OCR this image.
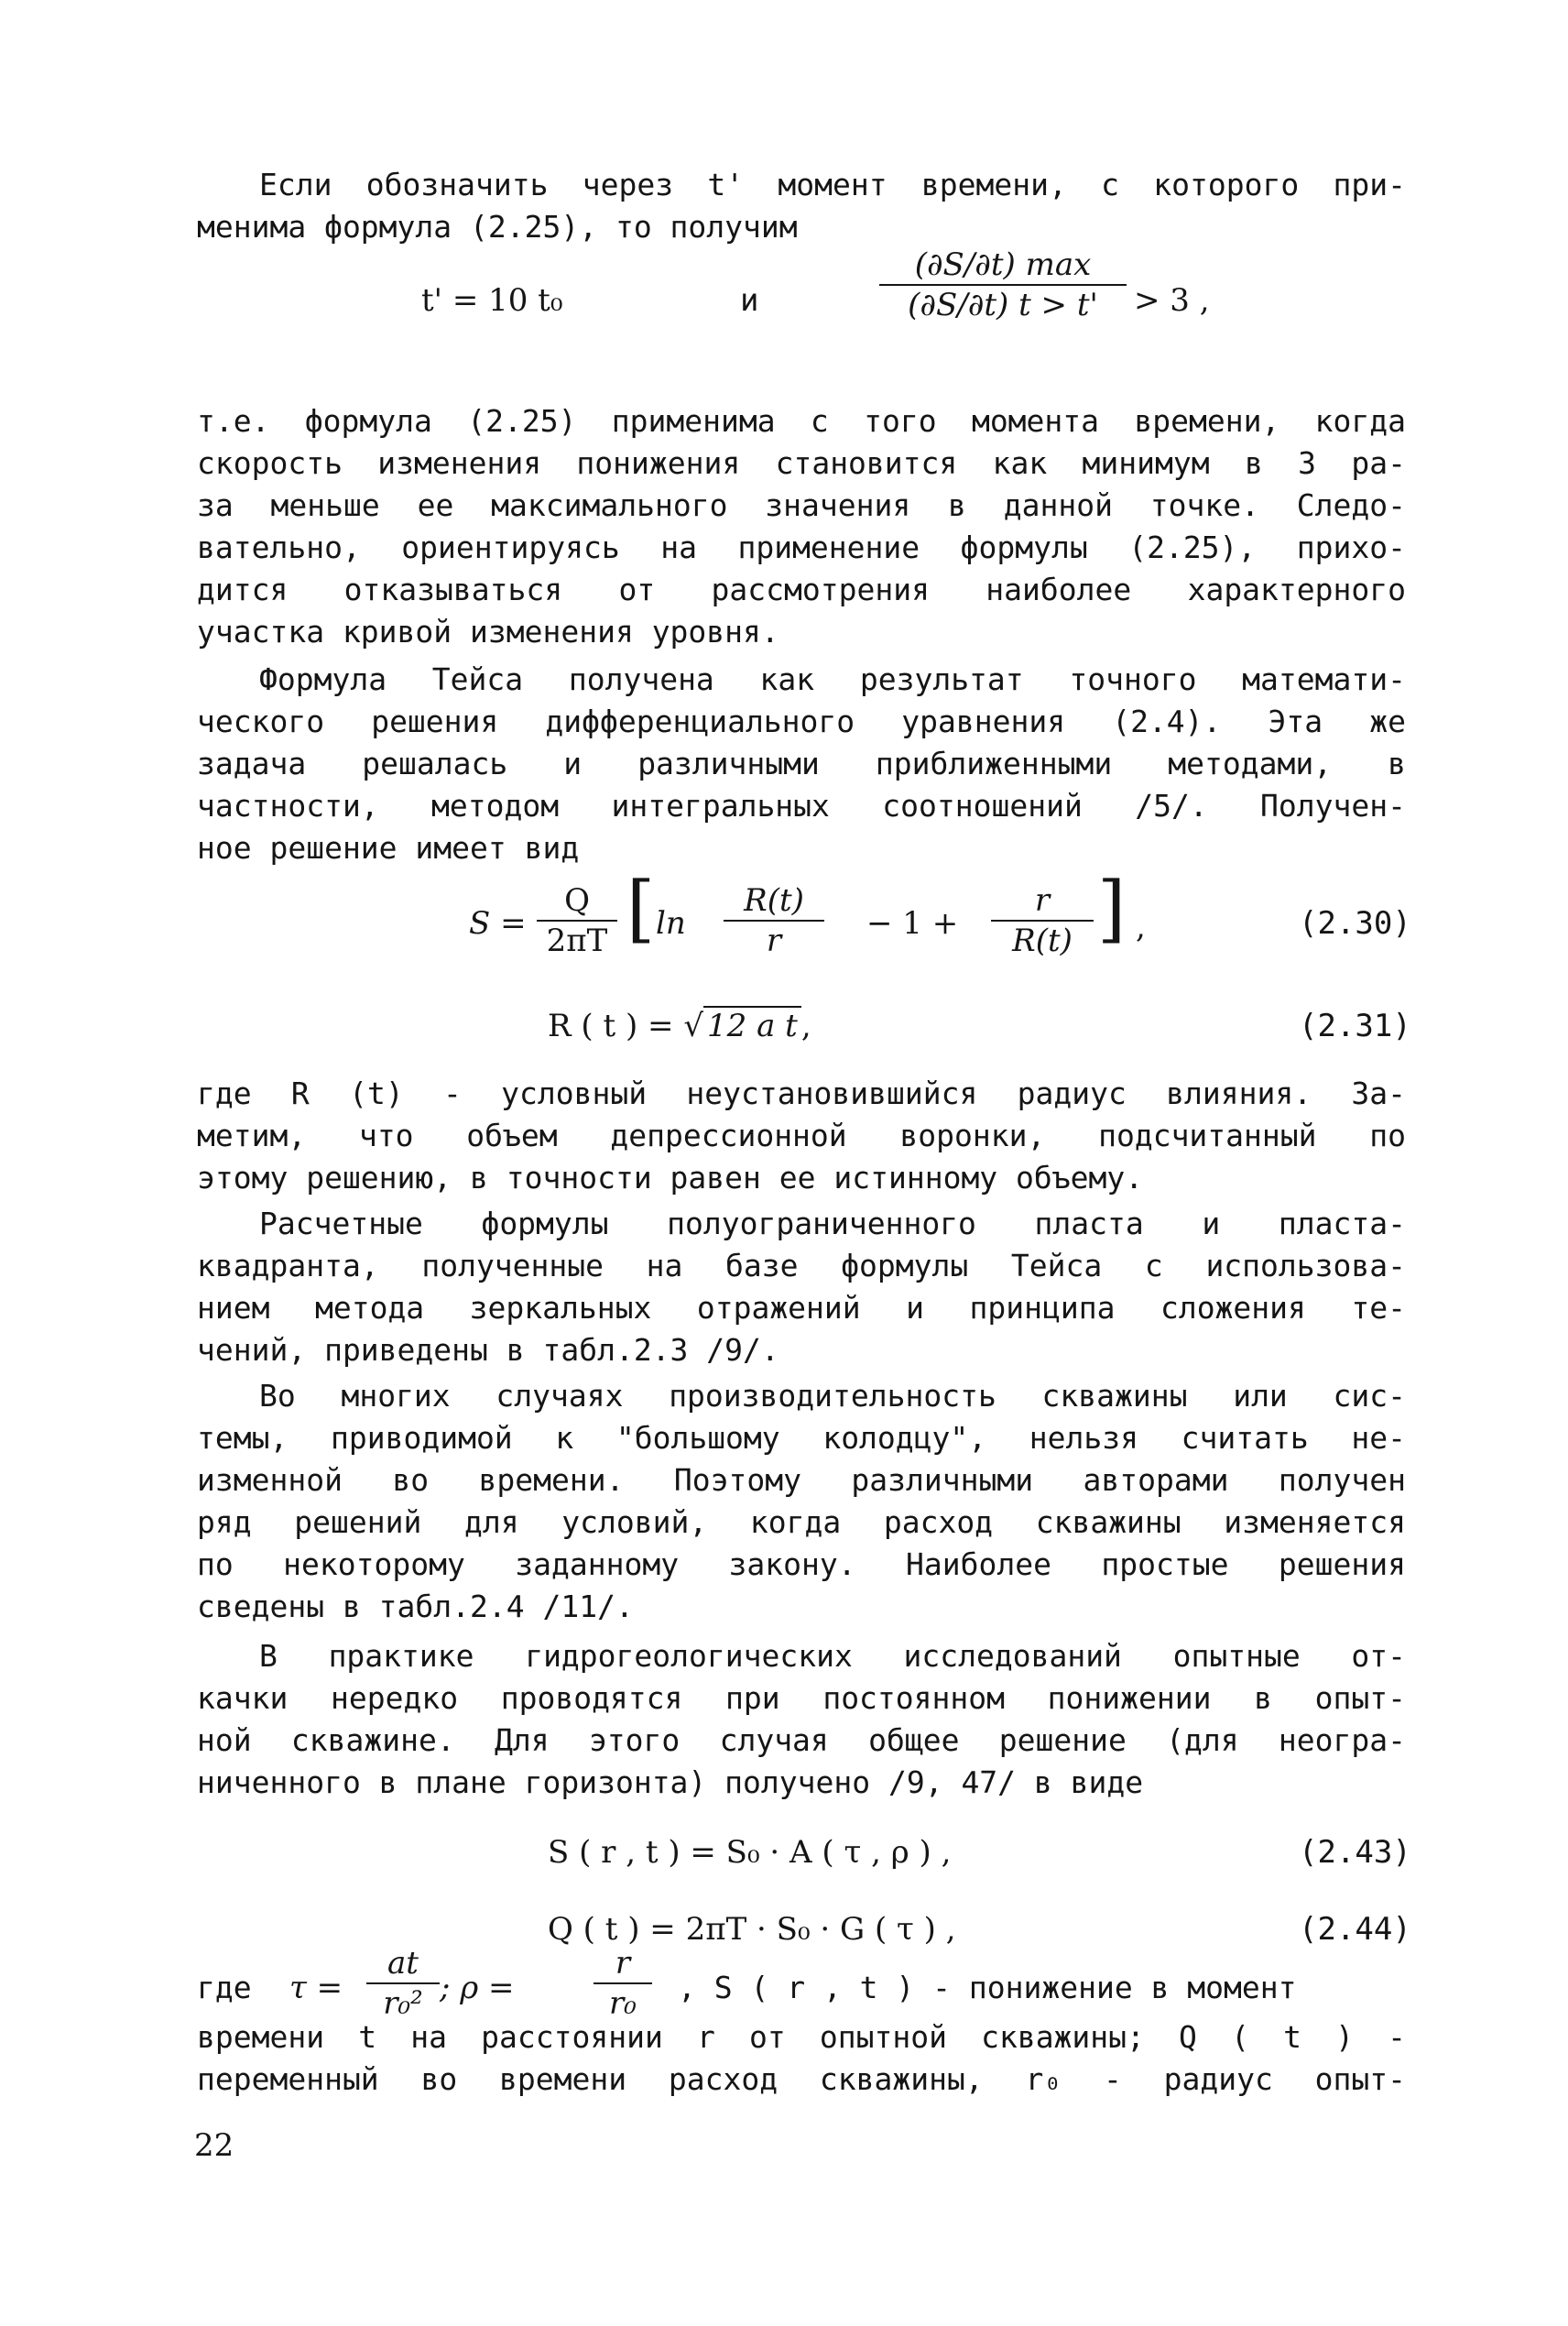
Если обозначить через t' момент времени, с которого при-
менима формула (2.25), то получим
t' = 10 t₀	и
(∂S/∂t) max
(∂S/∂t) t > t'	> 3 ,
т.е. формула (2.25) применима с того момента времени, когда
скорость изменения понижения становится как минимум в 3 ра-
за меньше ее максимального значения в данной точке. Следо-
вательно, ориентируясь на применение формулы (2.25), прихо-
дится отказываться от рассмотрения наиболее характерного
участка кривой изменения уровня.
Формула Тейса получена как результат точного математи-
ческого решения дифференциального уравнения (2.4). Эта же
задача решалась и различными приближенными методами, в
частности, методом интегральных соотношений /5/. Получен-
ное решение имеет вид
$S = \frac{Q}{2\pi T}$ [ $\ln \frac{R(t)}{r} - 1 + \frac{r}{R(t)}$ ] ,	(2.30)
R ( t ) = √ 12 a t ,	(2.31)
где R (t) - условный неустановившийся радиус влияния. За-
метим, что объем депрессионной воронки, подсчитанный по
этому решению, в точности равен ее истинному объему.
Расчетные формулы полуограниченного пласта и пласта-
квадранта, полученные на базе формулы Тейса с использова-
нием метода зеркальных отражений и принципа сложения те-
чений, приведены в табл.2.3 /9/.
Во многих случаях производительность скважины или сис-
темы, приводимой к "большому колодцу", нельзя считать не-
изменной во времени. Поэтому различными авторами получен
ряд решений для условий, когда расход скважины изменяется
по некоторому заданному закону. Наиболее простые решения
сведены в табл.2.4 /11/.
В практике гидрогеологических исследований опытные от-
качки нередко проводятся при постоянном понижении в опыт-
ной скважине. Для этого случая общее решение (для неогра-
ниченного в плане горизонта) получено /9, 47/ в виде
S ( r , t ) = S₀ · A ( τ , ρ ) ,	(2.43)
Q ( t ) = 2πT · S₀ · G ( τ ) ,	(2.44)
где $\tau = \frac{at}{\text{r₀²}}$ ; ρ =	$\frac{r}{\text{r₀}}$ , S ( r , t ) - понижение в момент
времени t на расстоянии r от опытной скважины; Q ( t ) -
переменный во времени расход скважины, r₀ - радиус опыт-
22
